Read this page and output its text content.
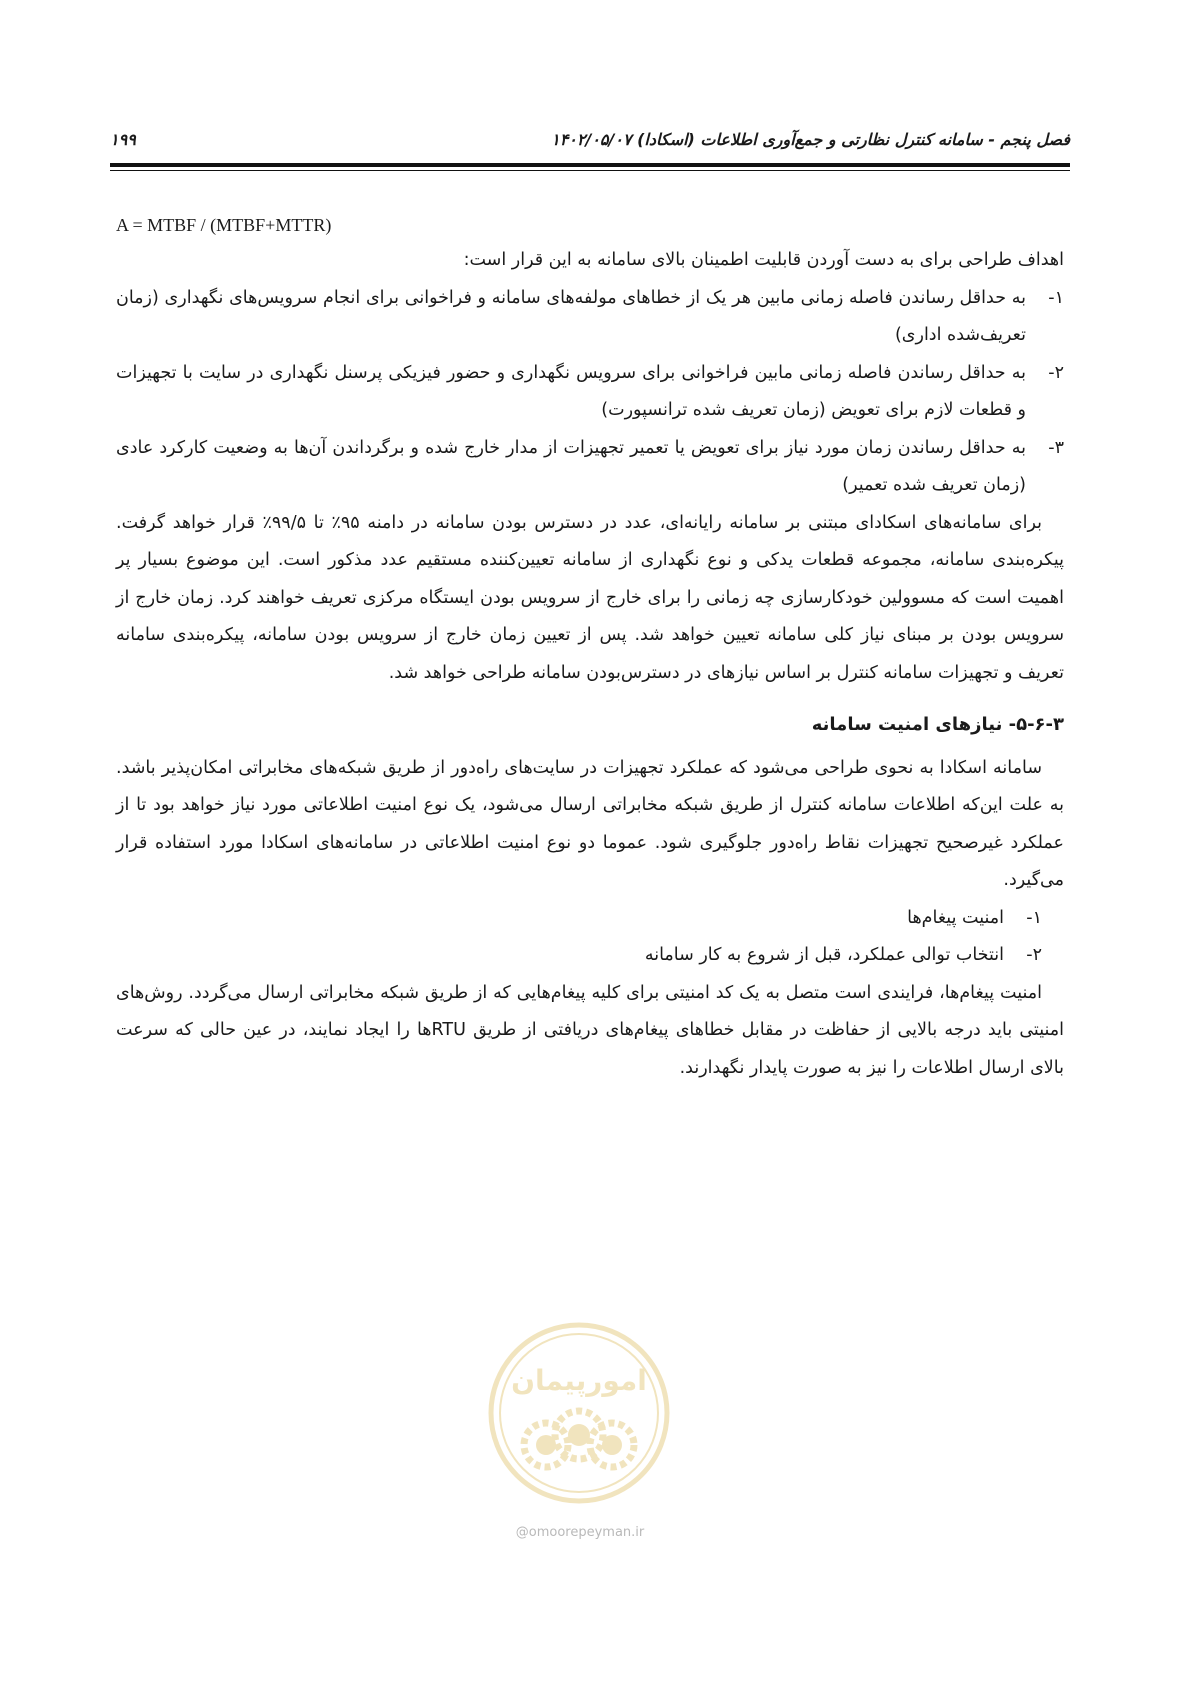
فصل پنجم - سامانه کنترل نظارتی و جمع‌آوری اطلاعات (اسکادا) ۱۴۰۲/۰۵/۰۷
۱۹۹

A = MTBF / (MTBF+MTTR)

اهداف طراحی برای به دست آوردن قابلیت اطمینان بالای سامانه به این قرار است:

۱-
به حداقل رساندن فاصله زمانی مابین هر یک از خطاهای مولفه‌های سامانه و فراخوانی برای انجام سرویس‌های نگهداری (زمان تعریف‌شده اداری)
۲-
به حداقل رساندن فاصله زمانی مابین فراخوانی برای سرویس نگهداری و حضور فیزیکی پرسنل نگهداری در سایت با تجهیزات و قطعات لازم برای تعویض (زمان تعریف شده ترانسپورت)
۳-
به حداقل رساندن زمان مورد نیاز برای تعویض یا تعمیر تجهیزات از مدار خارج شده و برگرداندن آن‌ها به وضعیت کارکرد عادی (زمان تعریف شده تعمیر)

برای سامانه‌های اسکادای مبتنی بر سامانه رایانه‌ای، عدد در دسترس بودن سامانه در دامنه ۹۵٪ تا ۹۹/۵٪ قرار خواهد گرفت. پیکره‌بندی سامانه، مجموعه قطعات یدکی و نوع نگهداری از سامانه تعیین‌کننده مستقیم عدد مذکور است. این موضوع بسیار پر اهمیت است که مسوولین خودکارسازی چه زمانی را برای خارج از سرویس بودن ایستگاه مرکزی تعریف خواهند کرد. زمان خارج از سرویس بودن بر مبنای نیاز کلی سامانه تعیین خواهد شد. پس از تعیین زمان خارج از سرویس بودن سامانه، پیکره‌بندی سامانه تعریف و تجهیزات سامانه کنترل بر اساس نیازهای در دسترس‌بودن سامانه طراحی خواهد شد.

۵-۶-۳- نیازهای امنیت سامانه

سامانه اسکادا به نحوی طراحی می‌شود که عملکرد تجهیزات در سایت‌های راه‌دور از طریق شبکه‌های مخابراتی امکان‌پذیر باشد. به علت این‌که اطلاعات سامانه کنترل از طریق شبکه مخابراتی ارسال می‌شود، یک نوع امنیت اطلاعاتی مورد نیاز خواهد بود تا از عملکرد غیرصحیح تجهیزات نقاط راه‌دور جلوگیری شود. عموما دو نوع امنیت اطلاعاتی در سامانه‌های اسکادا مورد استفاده قرار می‌گیرد.

۱-
امنیت پیغام‌ها
۲-
انتخاب توالی عملکرد، قبل از شروع به کار سامانه

امنیت پیغام‌ها، فرایندی است متصل به یک کد امنیتی برای کلیه پیغام‌هایی که از طریق شبکه مخابراتی ارسال می‌گردد. روش‌های امنیتی باید درجه بالایی از حفاظت در مقابل خطاهای پیغام‌های دریافتی از طریق RTUها را ایجاد نمایند، در عین حالی که سرعت بالای ارسال اطلاعات را نیز به صورت پایدار نگهدارند.

امورپیمان
@omoorepeyman.ir
